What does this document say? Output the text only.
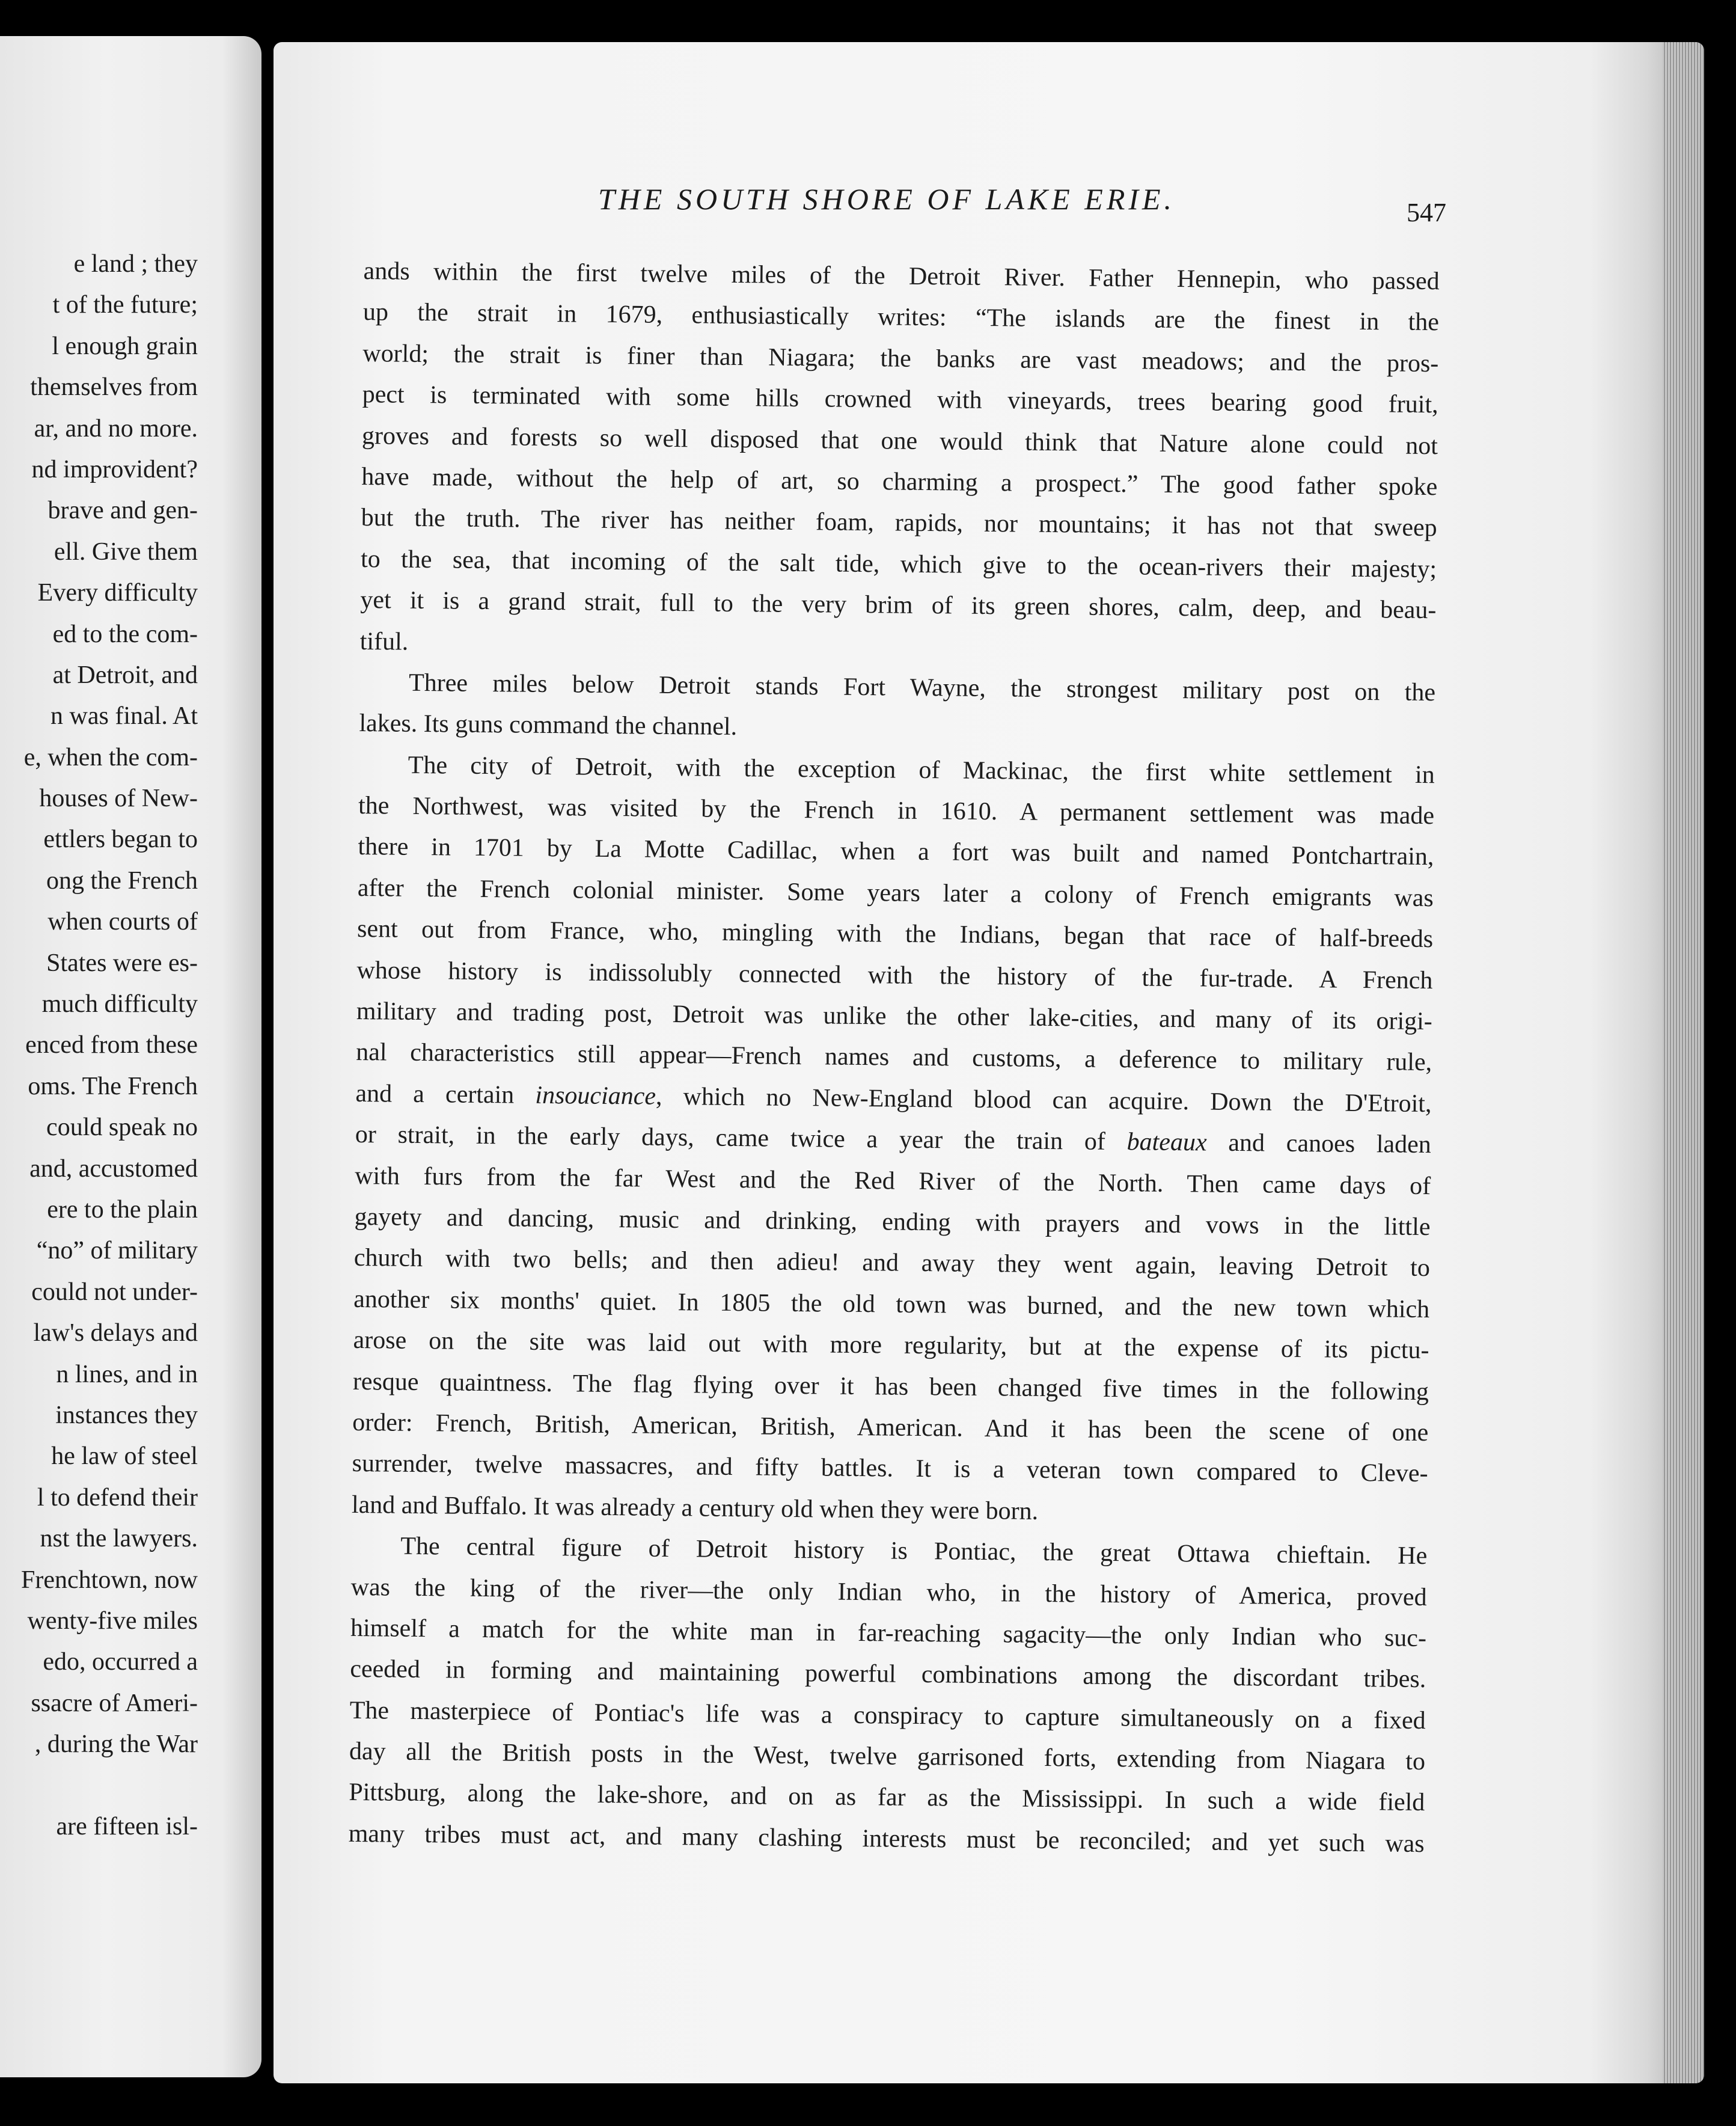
e land ; they
t of the future;
l enough grain
themselves from
ar, and no more.
nd improvident?
brave and gen-
ell. Give them
Every difficulty
ed to the com-
at Detroit, and
n was final. At
e, when the com-
houses of New-
ettlers began to
ong the French
when courts of
States were es-
much difficulty
enced from these
oms. The French
could speak no
and, accustomed
ere to the plain
“no” of military
could not under-
law's delays and
n lines, and in
instances they
he law of steel
l to defend their
nst the lawyers.
Frenchtown, now
wenty-five miles
edo, occurred a
ssacre of Ameri-
, during the War
are fifteen isl-
THE SOUTH SHORE OF LAKE ERIE.	547
ands within the first twelve miles of the Detroit River. Father Hennepin, who passed
up the strait in 1679, enthusiastically writes: “The islands are the finest in the
world; the strait is finer than Niagara; the banks are vast meadows; and the pros-
pect is terminated with some hills crowned with vineyards, trees bearing good fruit,
groves and forests so well disposed that one would think that Nature alone could not
have made, without the help of art, so charming a prospect.” The good father spoke
but the truth. The river has neither foam, rapids, nor mountains; it has not that sweep
to the sea, that incoming of the salt tide, which give to the ocean-rivers their majesty;
yet it is a grand strait, full to the very brim of its green shores, calm, deep, and beau-
tiful.
Three miles below Detroit stands Fort Wayne, the strongest military post on the
lakes. Its guns command the channel.
The city of Detroit, with the exception of Mackinac, the first white settlement in
the Northwest, was visited by the French in 1610. A permanent settlement was made
there in 1701 by La Motte Cadillac, when a fort was built and named Pontchartrain,
after the French colonial minister. Some years later a colony of French emigrants was
sent out from France, who, mingling with the Indians, began that race of half-breeds
whose history is indissolubly connected with the history of the fur-trade. A French
military and trading post, Detroit was unlike the other lake-cities, and many of its origi-
nal characteristics still appear—French names and customs, a deference to military rule,
and a certain insouciance, which no New-England blood can acquire. Down the D'Etroit,
or strait, in the early days, came twice a year the train of bateaux and canoes laden
with furs from the far West and the Red River of the North. Then came days of
gayety and dancing, music and drinking, ending with prayers and vows in the little
church with two bells; and then adieu! and away they went again, leaving Detroit to
another six months' quiet. In 1805 the old town was burned, and the new town which
arose on the site was laid out with more regularity, but at the expense of its pictu-
resque quaintness. The flag flying over it has been changed five times in the following
order: French, British, American, British, American. And it has been the scene of one
surrender, twelve massacres, and fifty battles. It is a veteran town compared to Cleve-
land and Buffalo. It was already a century old when they were born.
The central figure of Detroit history is Pontiac, the great Ottawa chieftain. He
was the king of the river—the only Indian who, in the history of America, proved
himself a match for the white man in far-reaching sagacity—the only Indian who suc-
ceeded in forming and maintaining powerful combinations among the discordant tribes.
The masterpiece of Pontiac's life was a conspiracy to capture simultaneously on a fixed
day all the British posts in the West, twelve garrisoned forts, extending from Niagara to
Pittsburg, along the lake-shore, and on as far as the Mississippi. In such a wide field
many tribes must act, and many clashing interests must be reconciled; and yet such was
